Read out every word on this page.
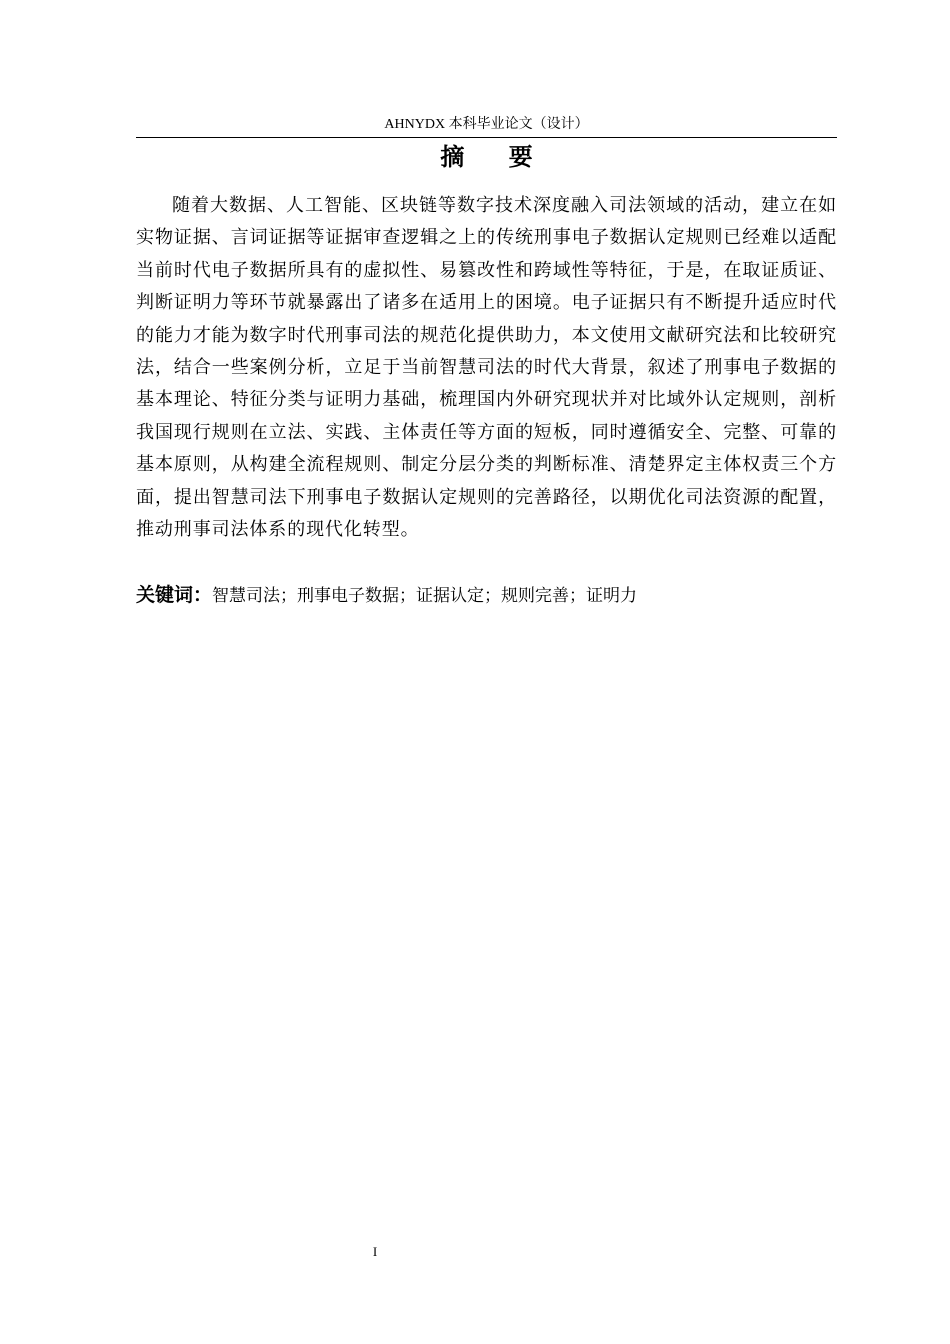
AHNYDX 本科毕业论文（设计）
摘 要

随着大数据、人工智能、区块链等数字技术深度融入司法领域的活动，建立在如实物证据、言词证据等证据审查逻辑之上的传统刑事电子数据认定规则已经难以适配当前时代电子数据所具有的虚拟性、易篡改性和跨域性等特征，于是，在取证质证、判断证明力等环节就暴露出了诸多在适用上的困境。电子证据只有不断提升适应时代的能力才能为数字时代刑事司法的规范化提供助力，本文使用文献研究法和比较研究法，结合一些案例分析，立足于当前智慧司法的时代大背景，叙述了刑事电子数据的基本理论、特征分类与证明力基础，梳理国内外研究现状并对比域外认定规则，剖析我国现行规则在立法、实践、主体责任等方面的短板，同时遵循安全、完整、可靠的基本原则，从构建全流程规则、制定分层分类的判断标准、清楚界定主体权责三个方面，提出智慧司法下刑事电子数据认定规则的完善路径，以期优化司法资源的配置，推动刑事司法体系的现代化转型。

关键词：智慧司法；刑事电子数据；证据认定；规则完善；证明力
I
